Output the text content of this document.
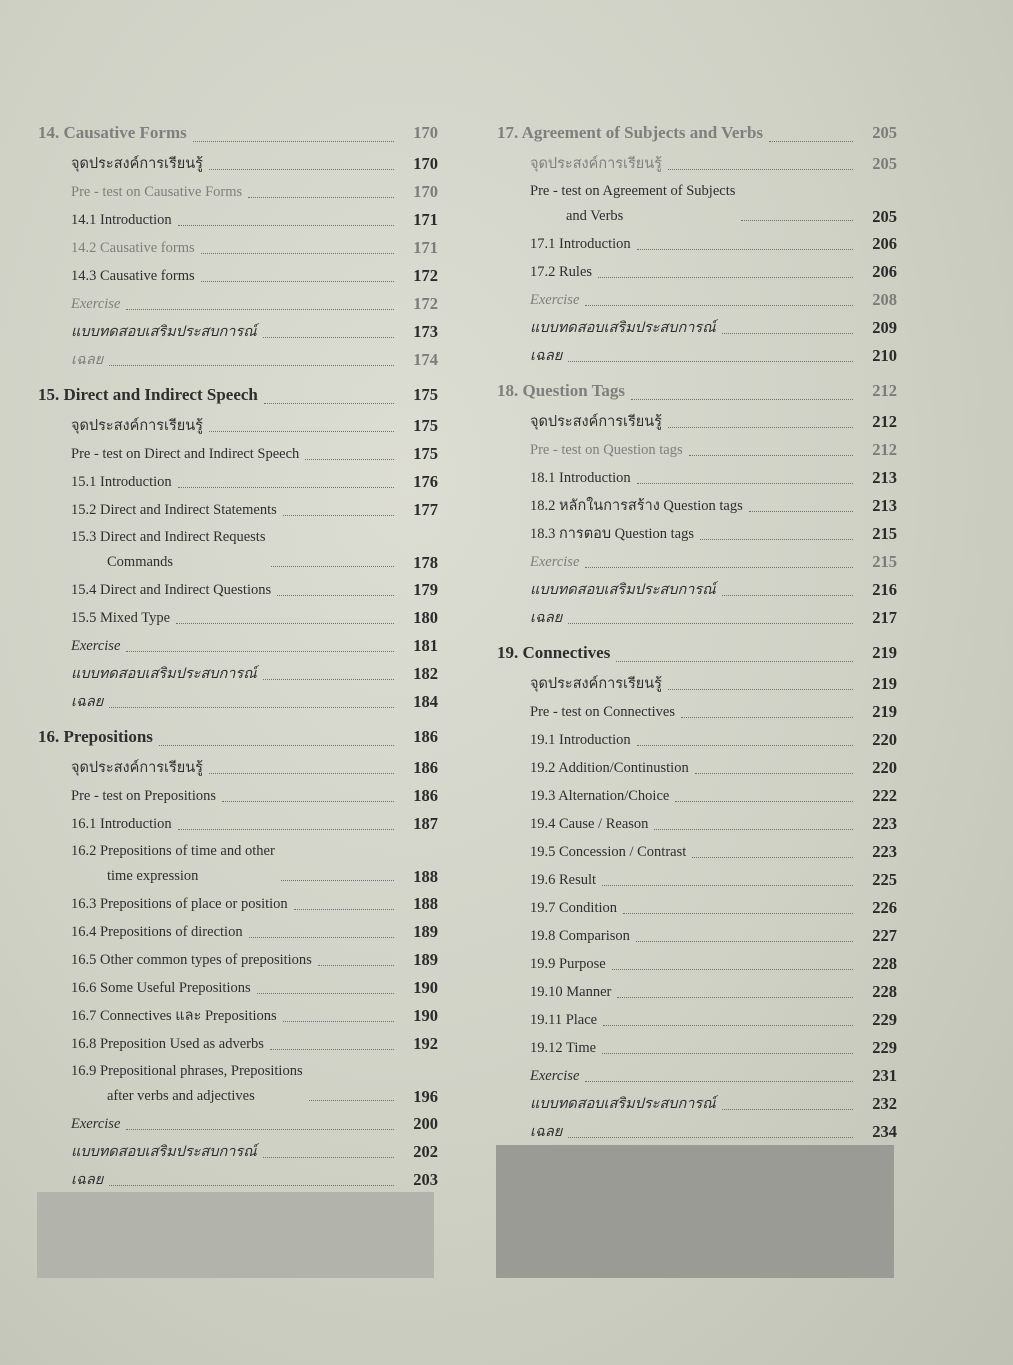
14. Causative Forms	170
จุดประสงค์การเรียนรู้	170
Pre - test on Causative Forms	170
14.1 Introduction	171
14.2 Causative forms	171
14.3 Causative forms	172
Exercise	172
แบบทดสอบเสริมประสบการณ์	173
เฉลย	174
15. Direct and Indirect Speech	175
จุดประสงค์การเรียนรู้	175
Pre - test on Direct and Indirect Speech	175
15.1 Introduction	176
15.2 Direct and Indirect Statements	177
15.3 Direct and Indirect Requests
Commands	178
15.4 Direct and Indirect Questions	179
15.5 Mixed Type	180
Exercise	181
แบบทดสอบเสริมประสบการณ์	182
เฉลย	184
16. Prepositions	186
จุดประสงค์การเรียนรู้	186
Pre - test on Prepositions	186
16.1 Introduction	187
16.2 Prepositions of time and other
time expression	188
16.3 Prepositions of place or position	188
16.4 Prepositions of direction	189
16.5 Other common types of prepositions	189
16.6 Some Useful Prepositions	190
16.7 Connectives และ Prepositions	190
16.8 Preposition Used as adverbs	192
16.9 Prepositional phrases, Prepositions
after verbs and adjectives	196
Exercise	200
แบบทดสอบเสริมประสบการณ์	202
เฉลย	203
17. Agreement of Subjects and Verbs	205
จุดประสงค์การเรียนรู้	205
Pre - test on Agreement of Subjects
and Verbs	205
17.1 Introduction	206
17.2 Rules	206
Exercise	208
แบบทดสอบเสริมประสบการณ์	209
เฉลย	210
18. Question Tags	212
จุดประสงค์การเรียนรู้	212
Pre - test on Question tags	212
18.1 Introduction	213
18.2 หลักในการสร้าง Question tags	213
18.3 การตอบ Question tags	215
Exercise	215
แบบทดสอบเสริมประสบการณ์	216
เฉลย	217
19. Connectives	219
จุดประสงค์การเรียนรู้	219
Pre - test on Connectives	219
19.1 Introduction	220
19.2 Addition/Continustion	220
19.3 Alternation/Choice	222
19.4 Cause / Reason	223
19.5 Concession / Contrast	223
19.6 Result	225
19.7 Condition	226
19.8 Comparison	227
19.9 Purpose	228
19.10 Manner	228
19.11 Place	229
19.12 Time	229
Exercise	231
แบบทดสอบเสริมประสบการณ์	232
เฉลย	234
